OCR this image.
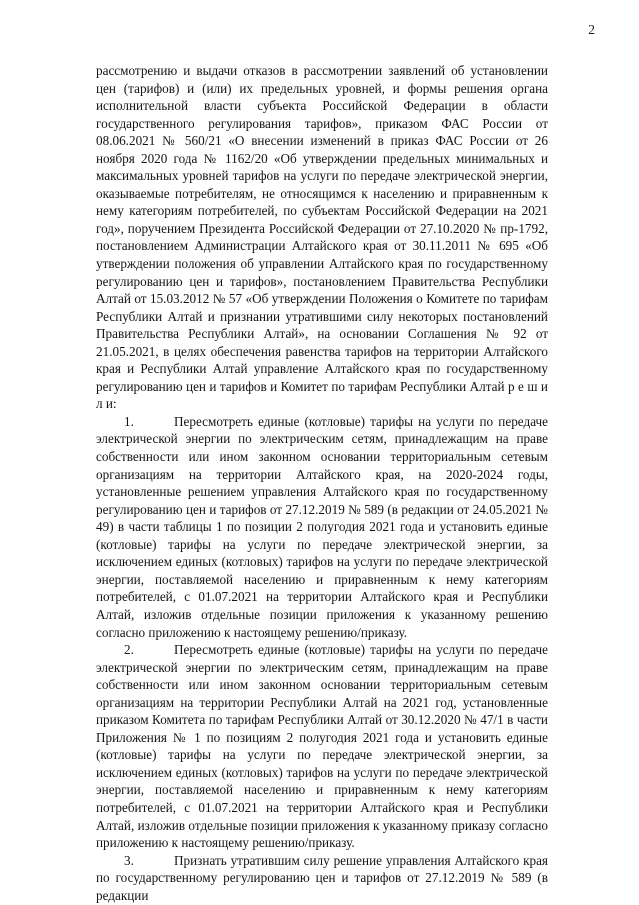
2

рассмотрению и выдачи отказов в рассмотрении заявлений об установлении цен (тарифов) и (или) их предельных уровней, и формы решения органа исполнительной власти субъекта Российской Федерации в области государственного регулирования тарифов», приказом ФАС России от 08.06.2021 № 560/21 «О внесении изменений в приказ ФАС России от 26 ноября 2020 года № 1162/20 «Об утверждении предельных минимальных и максимальных уровней тарифов на услуги по передаче электрической энергии, оказываемые потребителям, не относящимся к населению и приравненным к нему категориям потребителей, по субъектам Российской Федерации на 2021 год», поручением Президента Российской Федерации от 27.10.2020 № пр-1792, постановлением Администрации Алтайского края от 30.11.2011 № 695 «Об утверждении положения об управлении Алтайского края по государственному регулированию цен и тарифов», постановлением Правительства Республики Алтай от 15.03.2012 № 57 «Об утверждении Положения о Комитете по тарифам Республики Алтай и признании утратившими силу некоторых постановлений Правительства Республики Алтай», на основании Соглашения № 92 от 21.05.2021, в целях обеспечения равенства тарифов на территории Алтайского края и Республики Алтай управление Алтайского края по государственному регулированию цен и тарифов и Комитет по тарифам Республики Алтай р е ш и л и:

1.	Пересмотреть единые (котловые) тарифы на услуги по передаче электрической энергии по электрическим сетям, принадлежащим на праве собственности или ином законном основании территориальным сетевым организациям на территории Алтайского края, на 2020-2024 годы, установленные решением управления Алтайского края по государственному регулированию цен и тарифов от 27.12.2019 № 589 (в редакции от 24.05.2021 № 49) в части таблицы 1 по позиции 2 полугодия 2021 года и установить единые (котловые) тарифы на услуги по передаче электрической энергии, за исключением единых (котловых) тарифов на услуги по передаче электрической энергии, поставляемой населению и приравненным к нему категориям потребителей, с 01.07.2021 на территории Алтайского края и Республики Алтай, изложив отдельные позиции приложения к указанному решению согласно приложению к настоящему решению/приказу.

2.	Пересмотреть единые (котловые) тарифы на услуги по передаче электрической энергии по электрическим сетям, принадлежащим на праве собственности или ином законном основании территориальным сетевым организациям на территории Республики Алтай на 2021 год, установленные приказом Комитета по тарифам Республики Алтай от 30.12.2020 № 47/1 в части Приложения № 1 по позициям 2 полугодия 2021 года и установить единые (котловые) тарифы на услуги по передаче электрической энергии, за исключением единых (котловых) тарифов на услуги по передаче электрической энергии, поставляемой населению и приравненным к нему категориям потребителей, с 01.07.2021 на территории Алтайского края и Республики Алтай, изложив отдельные позиции приложения к указанному приказу согласно приложению к настоящему решению/приказу.

3.	Признать утратившим силу решение управления Алтайского края по государственному регулированию цен и тарифов от 27.12.2019 № 589 (в редакции
